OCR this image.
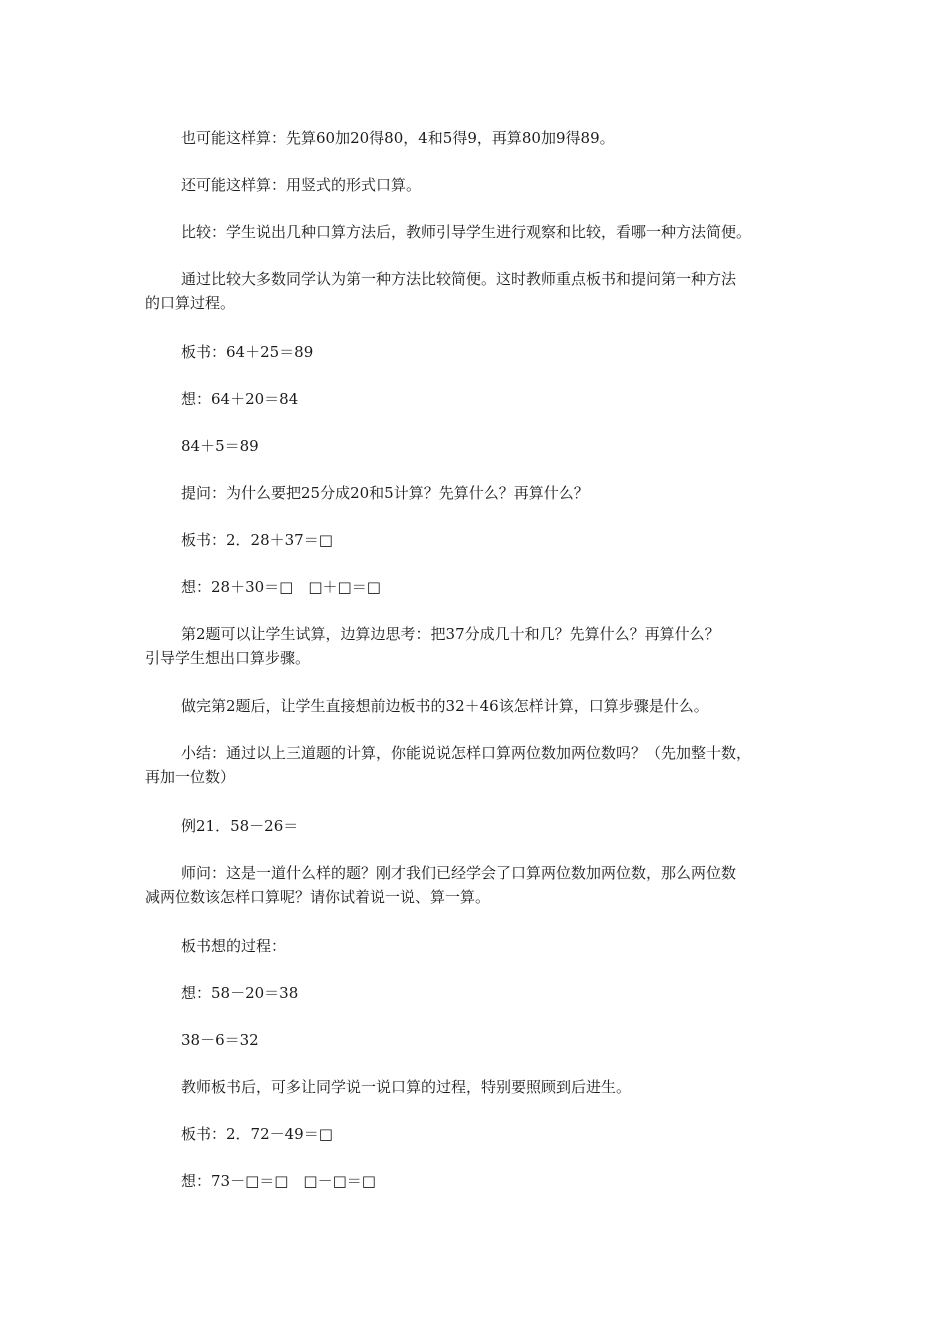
也可能这样算：先算60加20得80，4和5得9，再算80加9得89。
还可能这样算：用竖式的形式口算。
比较：学生说出几种口算方法后，教师引导学生进行观察和比较，看哪一种方法简便。
通过比较大多数同学认为第一种方法比较简便。这时教师重点板书和提问第一种方法
的口算过程。
板书：64＋25＝89
想：64＋20＝84
84＋5＝89
提问：为什么要把25分成20和5计算？先算什么？再算什么？
板书：2．28＋37＝□
想：28＋30＝□　□＋□＝□
第2题可以让学生试算，边算边思考：把37分成几十和几？先算什么？再算什么？
引导学生想出口算步骤。
做完第2题后，让学生直接想前边板书的32＋46该怎样计算，口算步骤是什么。
小结：通过以上三道题的计算，你能说说怎样口算两位数加两位数吗？（先加整十数，
再加一位数）
例21．58－26＝
师问：这是一道什么样的题？刚才我们已经学会了口算两位数加两位数，那么两位数
减两位数该怎样口算呢？请你试着说一说、算一算。
板书想的过程：
想：58－20＝38
38－6＝32
教师板书后，可多让同学说一说口算的过程，特别要照顾到后进生。
板书：2．72－49＝□
想：73－□＝□　□－□＝□
